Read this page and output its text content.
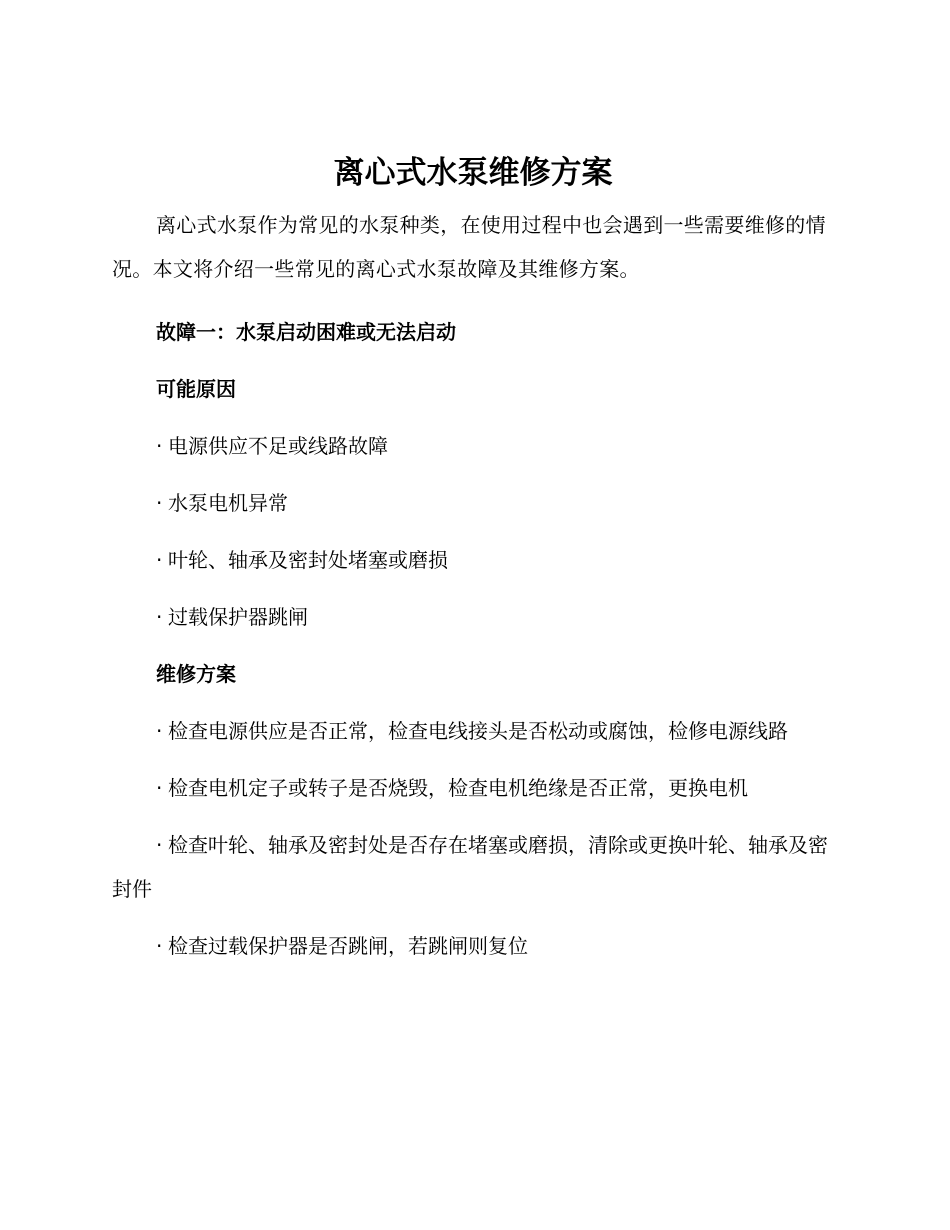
离心式水泵维修方案

离心式水泵作为常见的水泵种类，在使用过程中也会遇到一些需要维修的情况。本文将介绍一些常见的离心式水泵故障及其维修方案。

故障一：水泵启动困难或无法启动

可能原因

· 电源供应不足或线路故障

· 水泵电机异常

· 叶轮、轴承及密封处堵塞或磨损

· 过载保护器跳闸

维修方案

· 检查电源供应是否正常，检查电线接头是否松动或腐蚀，检修电源线路

· 检查电机定子或转子是否烧毁，检查电机绝缘是否正常，更换电机

· 检查叶轮、轴承及密封处是否存在堵塞或磨损，清除或更换叶轮、轴承及密封件

· 检查过载保护器是否跳闸，若跳闸则复位
